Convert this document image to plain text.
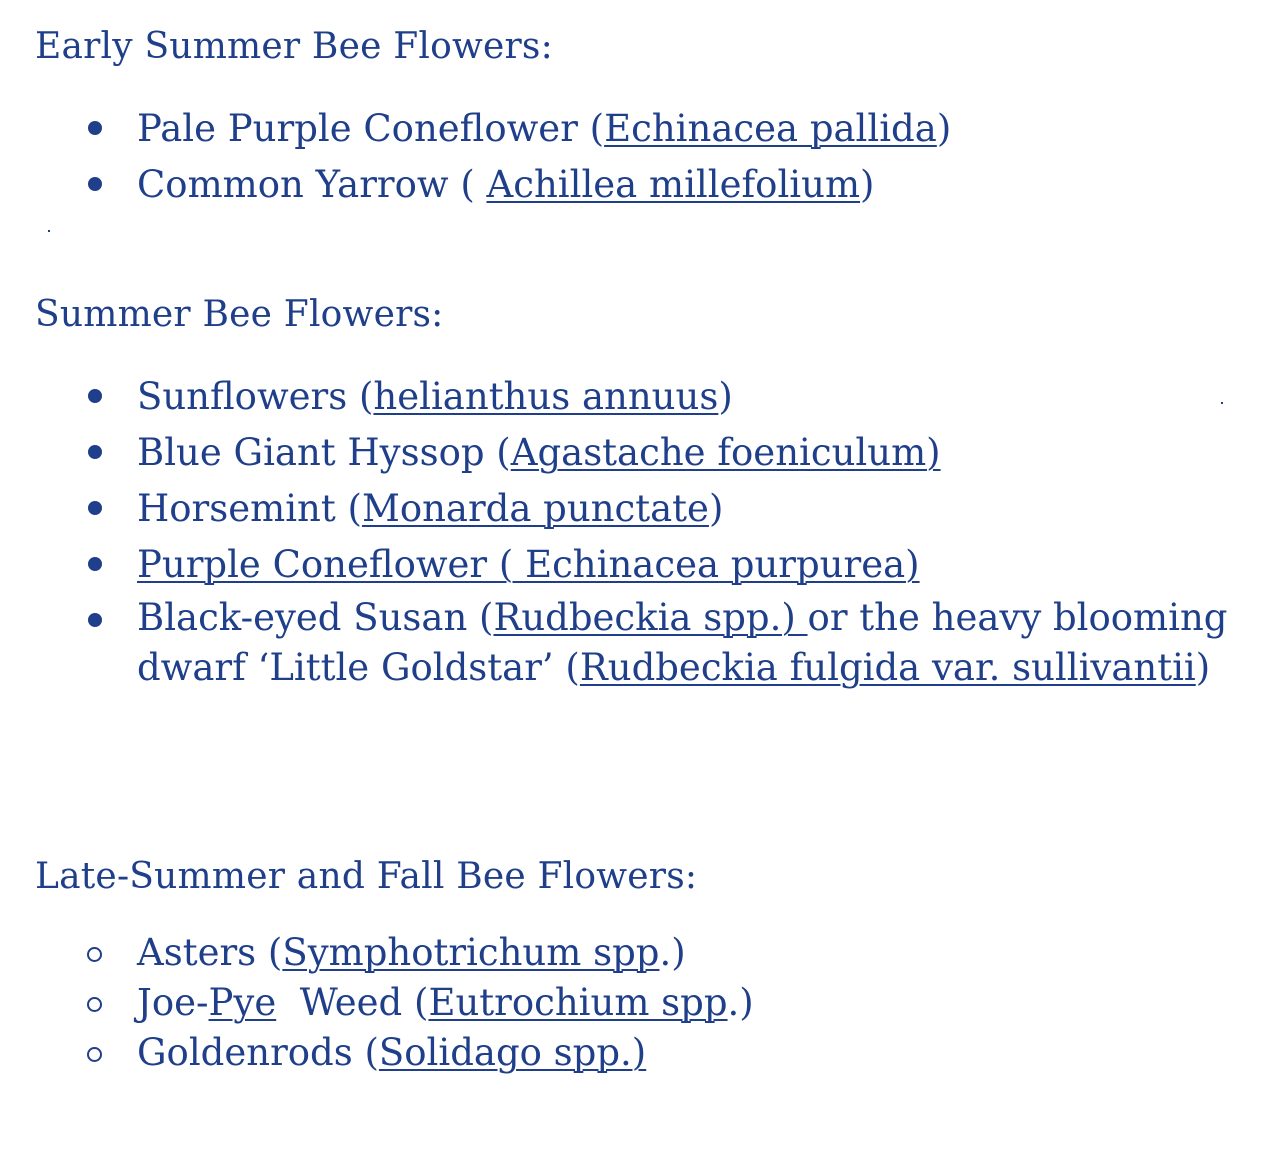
Early Summer Bee Flowers:
Pale Purple Coneflower (Echinacea pallida)
Common Yarrow ( Achillea millefolium)
Summer Bee Flowers:
Sunflowers (helianthus annuus)
Blue Giant Hyssop (Agastache foeniculum)
Horsemint (Monarda punctate)
Purple Coneflower ( Echinacea purpurea)
Black-eyed Susan (Rudbeckia spp.) or the heavy blooming
dwarf ‘Little Goldstar’ (Rudbeckia fulgida var. sullivantii)
Late-Summer and Fall Bee Flowers:
Asters (Symphotrichum spp.)
Joe-Pye  Weed (Eutrochium spp.)
Goldenrods (Solidago spp.)
